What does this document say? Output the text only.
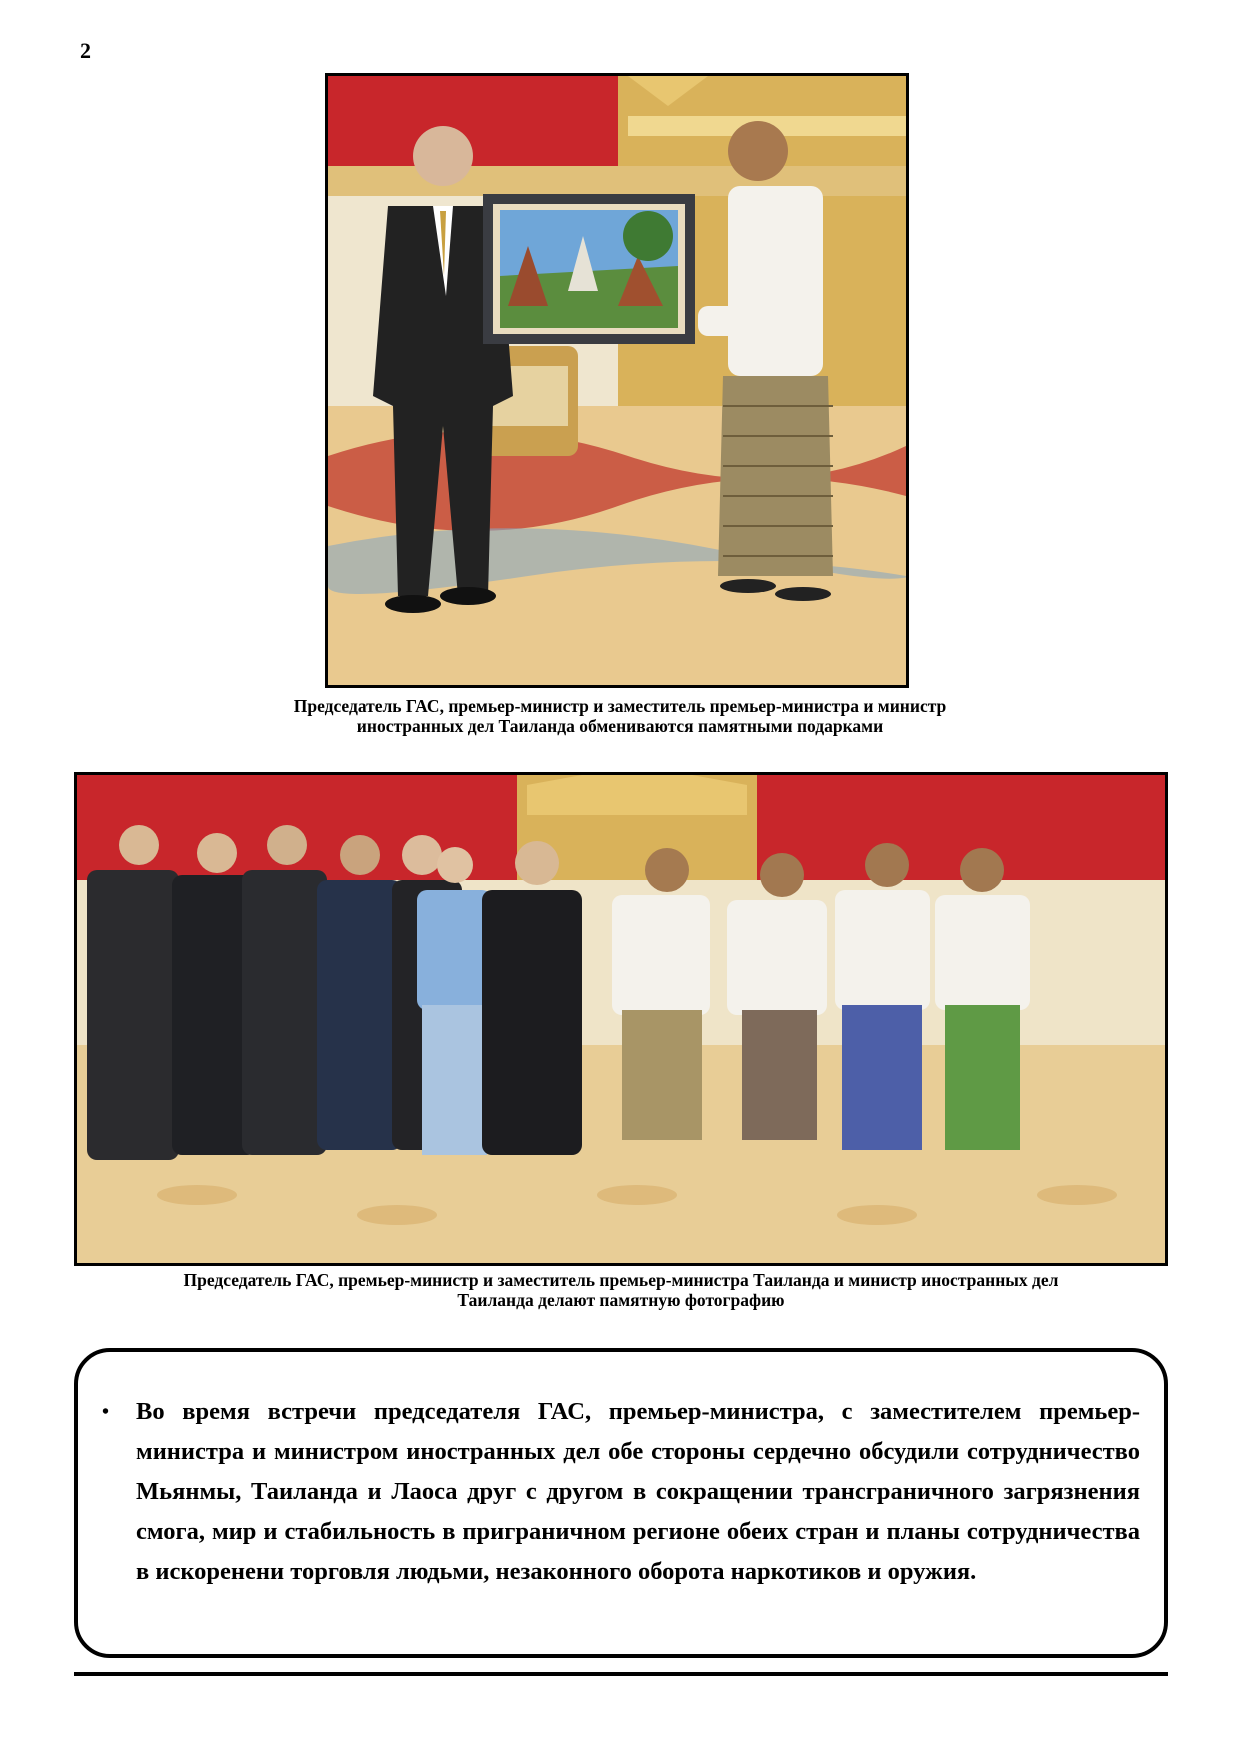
2
Председатель ГАС, премьер-министр и заместитель премьер-министра и министр
иностранных дел Таиланда обмениваются памятными подарками
Председатель ГАС, премьер-министр и заместитель премьер-министра Таиланда и министр иностранных дел
Таиланда делают памятную фотографию
• Во время встречи председателя ГАС, премьер-министра, с заместителем премьер-министра и министром иностранных дел обе стороны сердечно обсудили сотрудничество Мьянмы, Таиланда и Лаоса друг с другом в сокращении трансграничного загрязнения смога, мир и стабильность в приграничном регионе обеих стран и планы сотрудничества в искоренени торговля людьми, незаконного оборота наркотиков и оружия.
